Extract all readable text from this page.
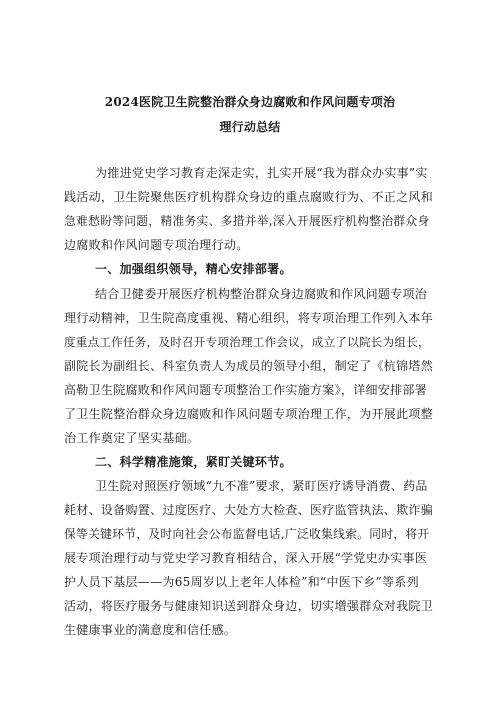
2024医院卫生院整治群众身边腐败和作风问题专项治
理行动总结
为推进党史学习教育走深走实，扎实开展“我为群众办实事”实
践活动，卫生院聚焦医疗机构群众身边的重点腐败行为、不正之风和
急难愁盼等问题，精准务实、多措并举,深入开展医疗机构整治群众身
边腐败和作风问题专项治理行动。
一、加强组织领导，精心安排部署。
结合卫健委开展医疗机构整治群众身边腐败和作风问题专项治
理行动精神，卫生院高度重视、精心组织，将专项治理工作列入本年
度重点工作任务，及时召开专项治理工作会议，成立了以院长为组长，
副院长为副组长、科室负责人为成员的领导小组，制定了《杭锦塔然
高勒卫生院腐败和作风问题专项整治工作实施方案》，详细安排部署
了卫生院整治群众身边腐败和作风问题专项治理工作，为开展此项整
治工作奠定了坚实基础。
二、科学精准施策，紧盯关键环节。
卫生院对照医疗领域“九不准”要求，紧盯医疗诱导消费、药品
耗材、设备购置、过度医疗、大处方大检查、医疗监管执法、欺诈骗
保等关键环节，及时向社会公布监督电话,广泛收集线索。同时，将开
展专项治理行动与党史学习教育相结合，深入开展“学党史办实事医
护人员下基层——为65周岁以上老年人体检”和“中医下乡”等系列
活动，将医疗服务与健康知识送到群众身边，切实增强群众对我院卫
生健康事业的满意度和信任感。
